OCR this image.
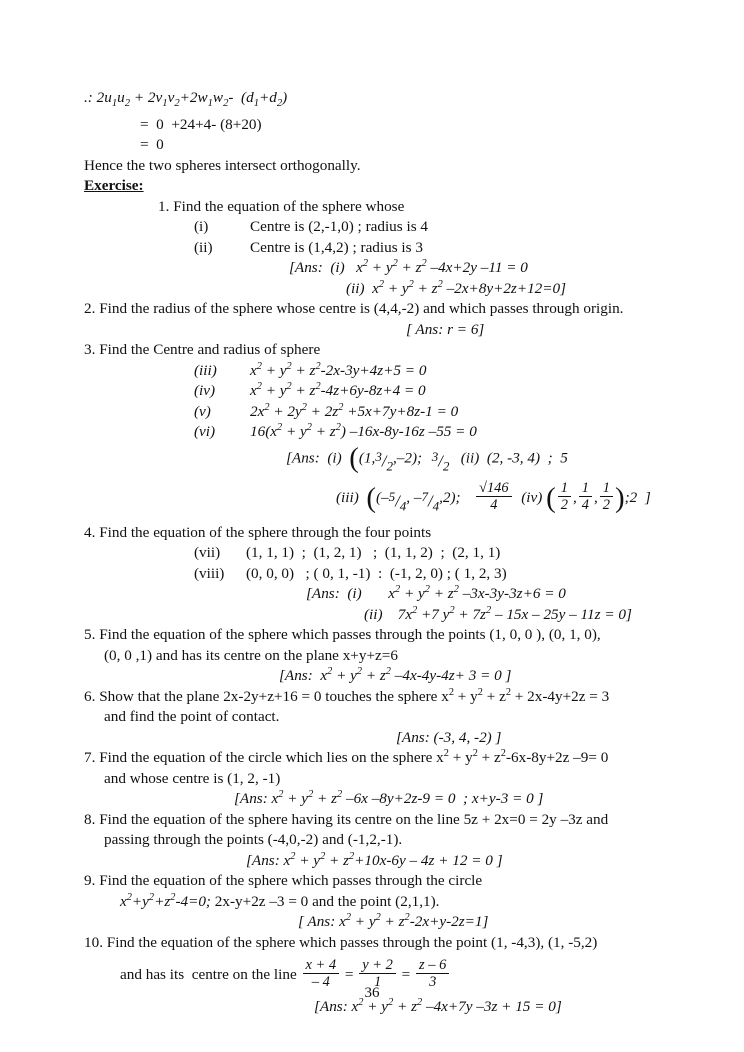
.: $2u_1u_2 + 2v_1v_2+2w_1w_2-$  $(d_1+d_2)$
=  0  +24+4- (8+20)
=  0
Hence the two spheres intersect orthogonally.
Exercise:
1. Find the equation of the sphere whose
(i)	Centre is (2,-1,0) ; radius is 4
(ii) Centre is (1,4,2) ; radius is 3
[Ans:  (i)   $x^2 + y^2 + z^2$ –4x+2y –11 = 0
(ii)  $x^2 + y^2 + z^2$ –2x+8y+2z+12=0]
2. Find the radius of the sphere whose centre is (4,4,-2) and which passes through origin.
[ Ans: r = 6]
3. Find the Centre and radius of sphere
(iii) $x^2 + y^2 + z^2-2x-3y+4z+5 = 0$
(iv) $x^2 + y^2 + z^2-4z+6y-8z+4 = 0$
(v)	$2x^2 + 2y^2 + 2z^2 +5x+7y+8z-1 = 0$
(vi) $16(x^2 + y^2 + z^2)$ –16x-8y-16z –55 = 0
[Ans: (i) ((1,3/2,–2); 3/2 (ii) (2, -3, 4)  ;  5
(iii) ((–5/4, –7/4,2); $\frac{√146}{4} (iv)$ ( $\frac{1}{2}$ , $\frac{1}{4}$ , $\frac{1}{2}$ );2  ]
4. Find the equation of the sphere through the four points
(vii) (1, 1, 1)  ;  (1, 2, 1)   ;  (1, 1, 2)  ;  (2, 1, 1)
(viii) (0, 0, 0)   ; ( 0, 1, -1)  :  (-1, 2, 0) ; ( 1, 2, 3)
[Ans:  (i)       $x^2 + y^2 + z^2$ –3x-3y-3z+6 = 0
(ii)    $7x^2 +7$ $y^2 + 7z^2 - 15x - 25y - 11z = 0$]
5. Find the equation of the sphere which passes through the points (1, 0, 0 ), (0, 1, 0),
(0, 0 ,1) and has its centre on the plane x+y+z=6
[Ans:  $x^2 + y^2 + z^2$ –4x-4y-4z+ 3 = 0 ]
6. Show that the plane 2x-2y+z+16 = 0 touches the sphere $x^2 + y^2 + z^2 + 2x-4y+2z = 3$
and find the point of contact.
[Ans: (-3, 4, -2) ]
7. Find the equation of the circle which lies on the sphere $x^2 + y^2 + z^2-6x-8y+2z$ –9= 0
and whose centre is (1, 2, -1)
[Ans: $x^2 + y^2 + z^2$ –6x –8y+2z-9 = 0  ; x+y-3 = 0 ]
8. Find the equation of the sphere having its centre on the line 5z + 2x=0 = 2y –3z and
passing through the points (-4,0,-2) and (-1,2,-1).
[Ans: $x^2 + y^2 + z^2+10x-6y - 4z + 12 = 0$ ]
9. Find the equation of the sphere which passes through the circle
$x^2+y^2+z^2-4=0$; 2x-y+2z –3 = 0 and the point (2,1,1).
[ Ans: $x^2 + y^2 + z^2-2x+y-2z=1$]
10. Find the equation of the sphere which passes through the point (1, -4,3), (1, -5,2)
and has its  centre on the line $\frac{x + 4}{- 4} = \frac{y + 2}{1} = \frac{z - 6}{3}$
[Ans: $x^2 + y^2 + z^2$ –4x+7y –3z + 15 = 0]
36
